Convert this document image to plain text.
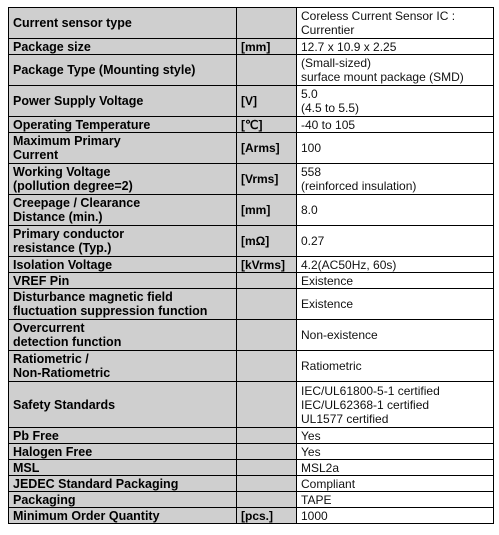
Current sensor type		Coreless Current Sensor IC :
Currentier
Package size	[mm]	12.7 x 10.9 x 2.25
Package Type (Mounting style)		(Small-sized)
surface mount package (SMD)
Power Supply Voltage	[V]	5.0
(4.5 to 5.5)
Operating Temperature	[℃]	-40 to 105
Maximum Primary
Current	[Arms]	100
Working Voltage
(pollution degree=2)	[Vrms]	558
(reinforced insulation)
Creepage / Clearance
Distance (min.)	[mm]	8.0
Primary conductor
resistance (Typ.)	[mΩ]	0.27
Isolation Voltage	[kVrms]	4.2(AC50Hz, 60s)
VREF Pin		Existence
Disturbance magnetic field
fluctuation suppression function		Existence
Overcurrent
detection function		Non-existence
Ratiometric /
Non-Ratiometric		Ratiometric
Safety Standards		IEC/UL61800-5-1 certified
IEC/UL62368-1 certified
UL1577 certified
Pb Free		Yes
Halogen Free		Yes
MSL		MSL2a
JEDEC Standard Packaging		Compliant
Packaging		TAPE
Minimum Order Quantity	[pcs.]	1000
